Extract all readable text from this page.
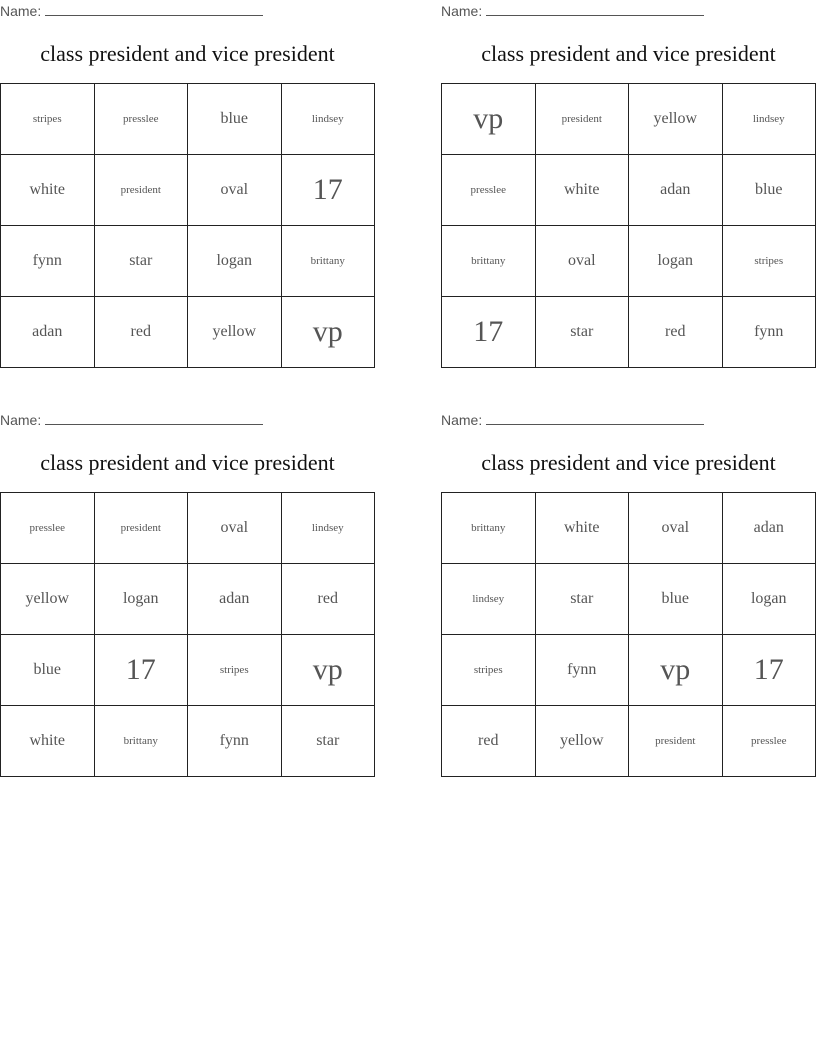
Name:
class president and vice president
stripes	presslee	blue	lindsey
white	president	oval	17
fynn	star	logan	brittany
adan	red	yellow	vp
Name:
class president and vice president
vp	president	yellow	lindsey
presslee	white	adan	blue
brittany	oval	logan	stripes
17	star	red	fynn
Name:
class president and vice president
presslee	president	oval	lindsey
yellow	logan	adan	red
blue	17	stripes	vp
white	brittany	fynn	star
Name:
class president and vice president
brittany	white	oval	adan
lindsey	star	blue	logan
stripes	fynn	vp	17
red	yellow	president	presslee
